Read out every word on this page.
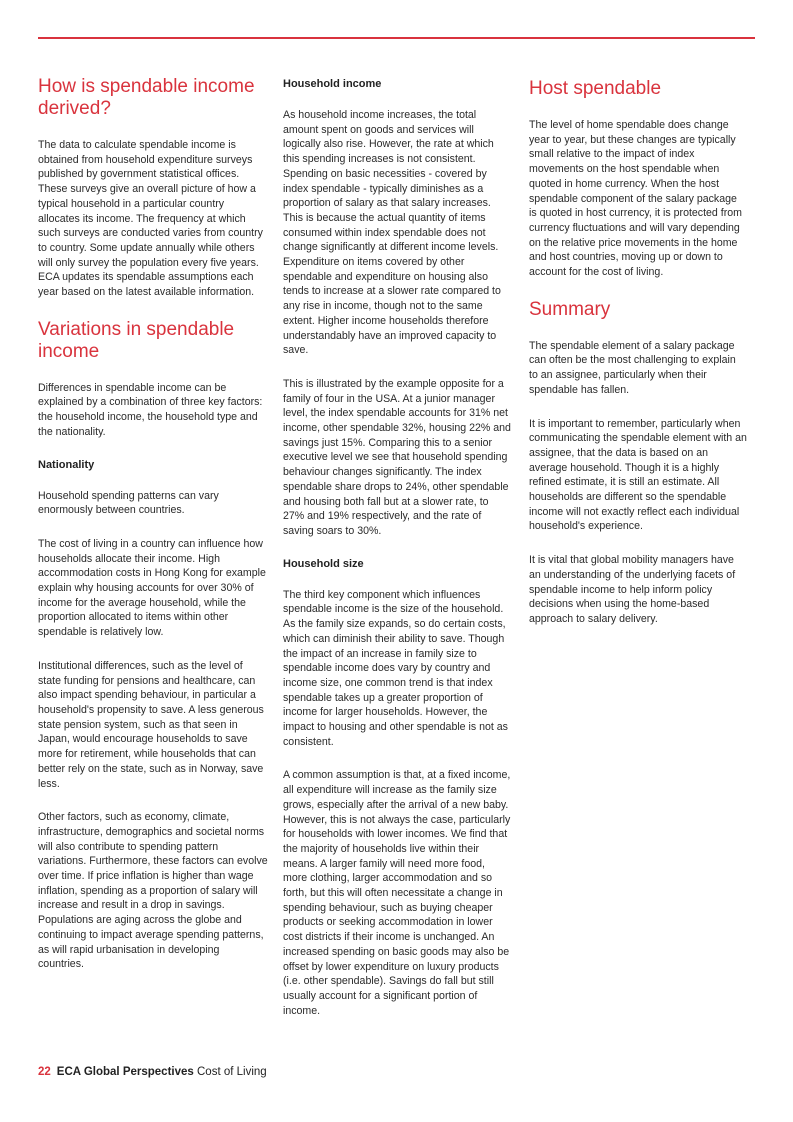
How is spendable income derived?

The data to calculate spendable income is obtained from household expenditure surveys published by government statistical offices. These surveys give an overall picture of how a typical household in a particular country allocates its income. The frequency at which such surveys are conducted varies from country to country. Some update annually while others will only survey the population every five years. ECA updates its spendable assumptions each year based on the latest available information.

Variations in spendable income

Differences in spendable income can be explained by a combination of three key factors: the household income, the household type and the nationality.

Nationality

Household spending patterns can vary enormously between countries.

The cost of living in a country can influence how households allocate their income. High accommodation costs in Hong Kong for example explain why housing accounts for over 30% of income for the average household, while the proportion allocated to items within other spendable is relatively low.

Institutional differences, such as the level of state funding for pensions and healthcare, can also impact spending behaviour, in particular a household's propensity to save. A less generous state pension system, such as that seen in Japan, would encourage households to save more for retirement, while households that can better rely on the state, such as in Norway, save less.

Other factors, such as economy, climate, infrastructure, demographics and societal norms will also contribute to spending pattern variations. Furthermore, these factors can evolve over time. If price inflation is higher than wage inflation, spending as a proportion of salary will increase and result in a drop in savings. Populations are aging across the globe and continuing to impact average spending patterns, as will rapid urbanisation in developing countries.

Household income

As household income increases, the total amount spent on goods and services will logically also rise. However, the rate at which this spending increases is not consistent. Spending on basic necessities - covered by index spendable - typically diminishes as a proportion of salary as that salary increases. This is because the actual quantity of items consumed within index spendable does not change significantly at different income levels. Expenditure on items covered by other spendable and expenditure on housing also tends to increase at a slower rate compared to any rise in income, though not to the same extent. Higher income households therefore understandably have an improved capacity to save.

This is illustrated by the example opposite for a family of four in the USA. At a junior manager level, the index spendable accounts for 31% net income, other spendable 32%, housing 22% and savings just 15%. Comparing this to a senior executive level we see that household spending behaviour changes significantly. The index spendable share drops to 24%, other spendable and housing both fall but at a slower rate, to 27% and 19% respectively, and the rate of saving soars to 30%.

Household size

The third key component which influences spendable income is the size of the household. As the family size expands, so do certain costs, which can diminish their ability to save. Though the impact of an increase in family size to spendable income does vary by country and income size, one common trend is that index spendable takes up a greater proportion of income for larger households. However, the impact to housing and other spendable is not as consistent.

A common assumption is that, at a fixed income, all expenditure will increase as the family size grows, especially after the arrival of a new baby. However, this is not always the case, particularly for households with lower incomes. We find that the majority of households live within their means. A larger family will need more food, more clothing, larger accommodation and so forth, but this will often necessitate a change in spending behaviour, such as buying cheaper products or seeking accommodation in lower cost districts if their income is unchanged. An increased spending on basic goods may also be offset by lower expenditure on luxury products (i.e. other spendable). Savings do fall but still usually account for a significant portion of income.

Host spendable

The level of home spendable does change year to year, but these changes are typically small relative to the impact of index movements on the host spendable when quoted in home currency. When the host spendable component of the salary package is quoted in host currency, it is protected from currency fluctuations and will vary depending on the relative price movements in the home and host countries, moving up or down to account for the cost of living.

Summary

The spendable element of a salary package can often be the most challenging to explain to an assignee, particularly when their spendable has fallen.

It is important to remember, particularly when communicating the spendable element with an assignee, that the data is based on an average household. Though it is a highly refined estimate, it is still an estimate. All households are different so the spendable income will not exactly reflect each individual household's experience.

It is vital that global mobility managers have an understanding of the underlying facets of spendable income to help inform policy decisions when using the home-based approach to salary delivery.

22 ECA Global Perspectives Cost of Living
